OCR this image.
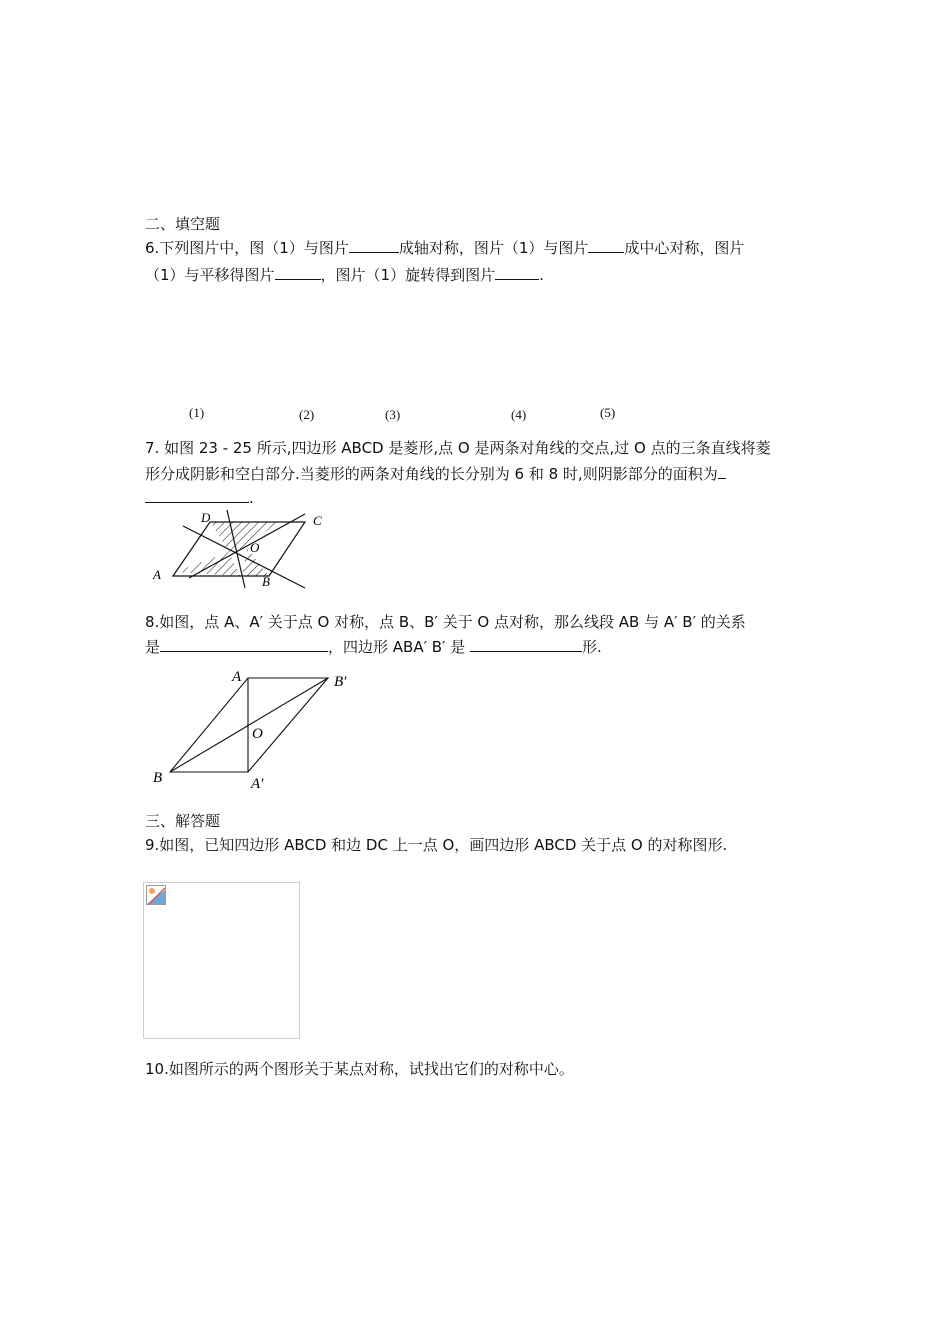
二、填空题
6.下列图片中，图（1）与图片	成轴对称，图片（1）与图片 成中心对称，图片
（1）与平移得图片	，图片（1）旋转得到图片	.
(1)	(2)	(3)	(4)	(5)
7. 如图 23 - 25 所示,四边形 ABCD 是菱形,点 O 是两条对角线的交点,过 O 点的三条直线将菱
形分成阴影和空白部分.当菱形的两条对角线的长分别为 6 和 8 时,则阴影部分的面积为
.
A
D	C
B
O
8.如图，点 A、A′ 关于点 O 对称，点 B、B′ 关于 O 点对称，那么线段 AB 与 A′ B′ 的关系
是	，四边形 ABA′ B′ 是	形.
A	B′
O
B	A′
三、解答题
9.如图，已知四边形 ABCD 和边 DC 上一点 O，画四边形 ABCD 关于点 O 的对称图形.
10.如图所示的两个图形关于某点对称，试找出它们的对称中心。
